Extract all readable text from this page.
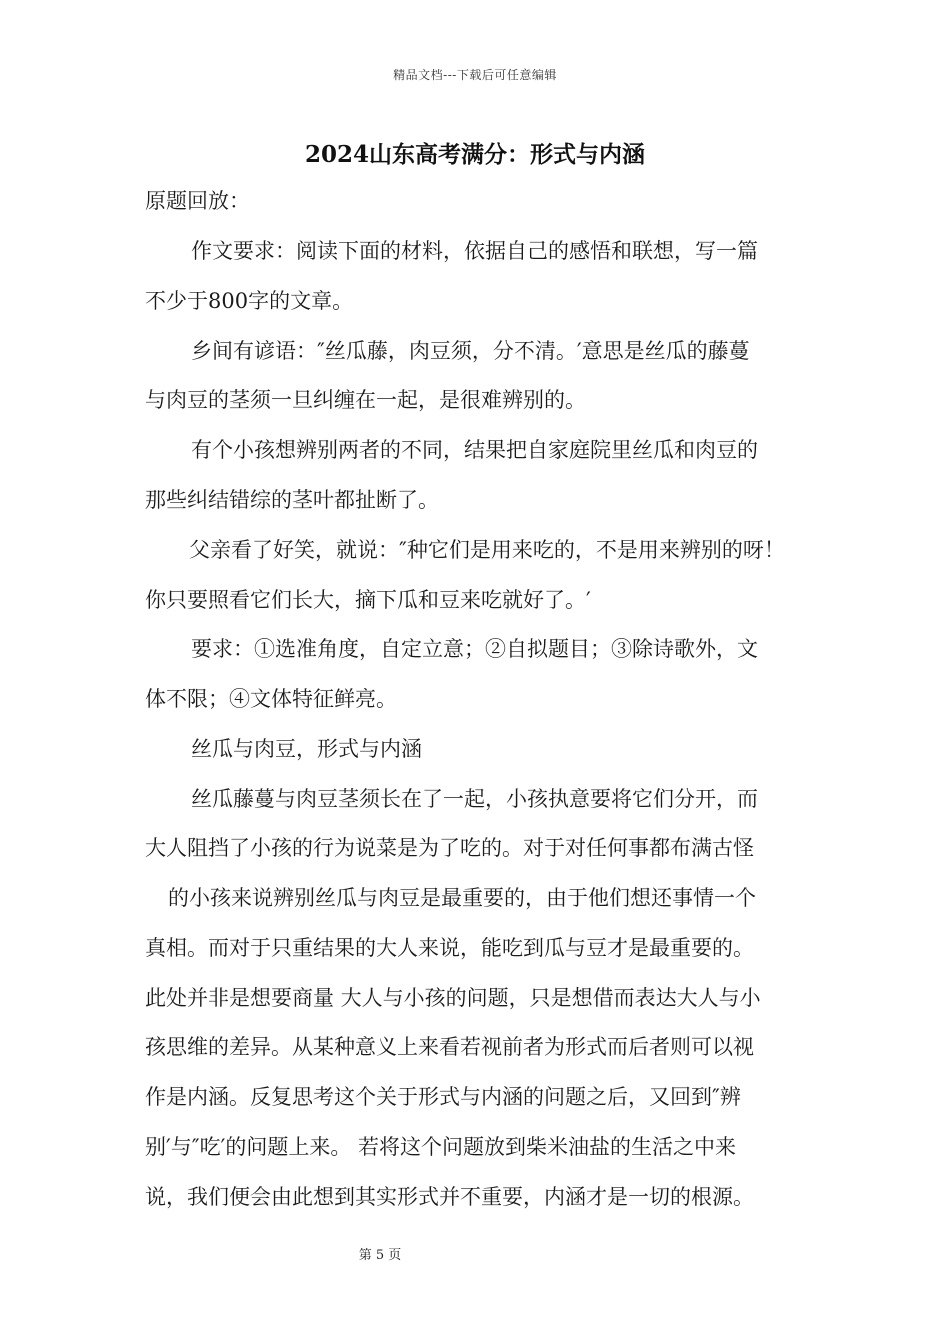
精品文档---下载后可任意编辑
2024山东高考满分：形式与内涵
原题回放：
作文要求：阅读下面的材料，依据自己的感悟和联想，写一篇
不少于800字的文章。
乡间有谚语：″丝瓜藤，肉豆须，分不清。′意思是丝瓜的藤蔓
与肉豆的茎须一旦纠缠在一起，是很难辨别的。
有个小孩想辨别两者的不同，结果把自家庭院里丝瓜和肉豆的
那些纠结错综的茎叶都扯断了。
父亲看了好笑，就说：″种它们是用来吃的，不是用来辨别的呀！
你只要照看它们长大，摘下瓜和豆来吃就好了。′
要求：①选准角度，自定立意；②自拟题目；③除诗歌外，文
体不限；④文体特征鲜亮。
丝瓜与肉豆，形式与内涵
丝瓜藤蔓与肉豆茎须长在了一起，小孩执意要将它们分开，而
大人阻挡了小孩的行为说菜是为了吃的。对于对任何事都布满古怪
的小孩来说辨别丝瓜与肉豆是最重要的，由于他们想还事情一个
真相。而对于只重结果的大人来说，能吃到瓜与豆才是最重要的。
此处并非是想要商量 大人与小孩的问题，只是想借而表达大人与小
孩思维的差异。从某种意义上来看若视前者为形式而后者则可以视
作是内涵。反复思考这个关于形式与内涵的问题之后，又回到″辨
别′与″吃′的问题上来。 若将这个问题放到柴米油盐的生活之中来
说，我们便会由此想到其实形式并不重要，内涵才是一切的根源。
第 5 页
